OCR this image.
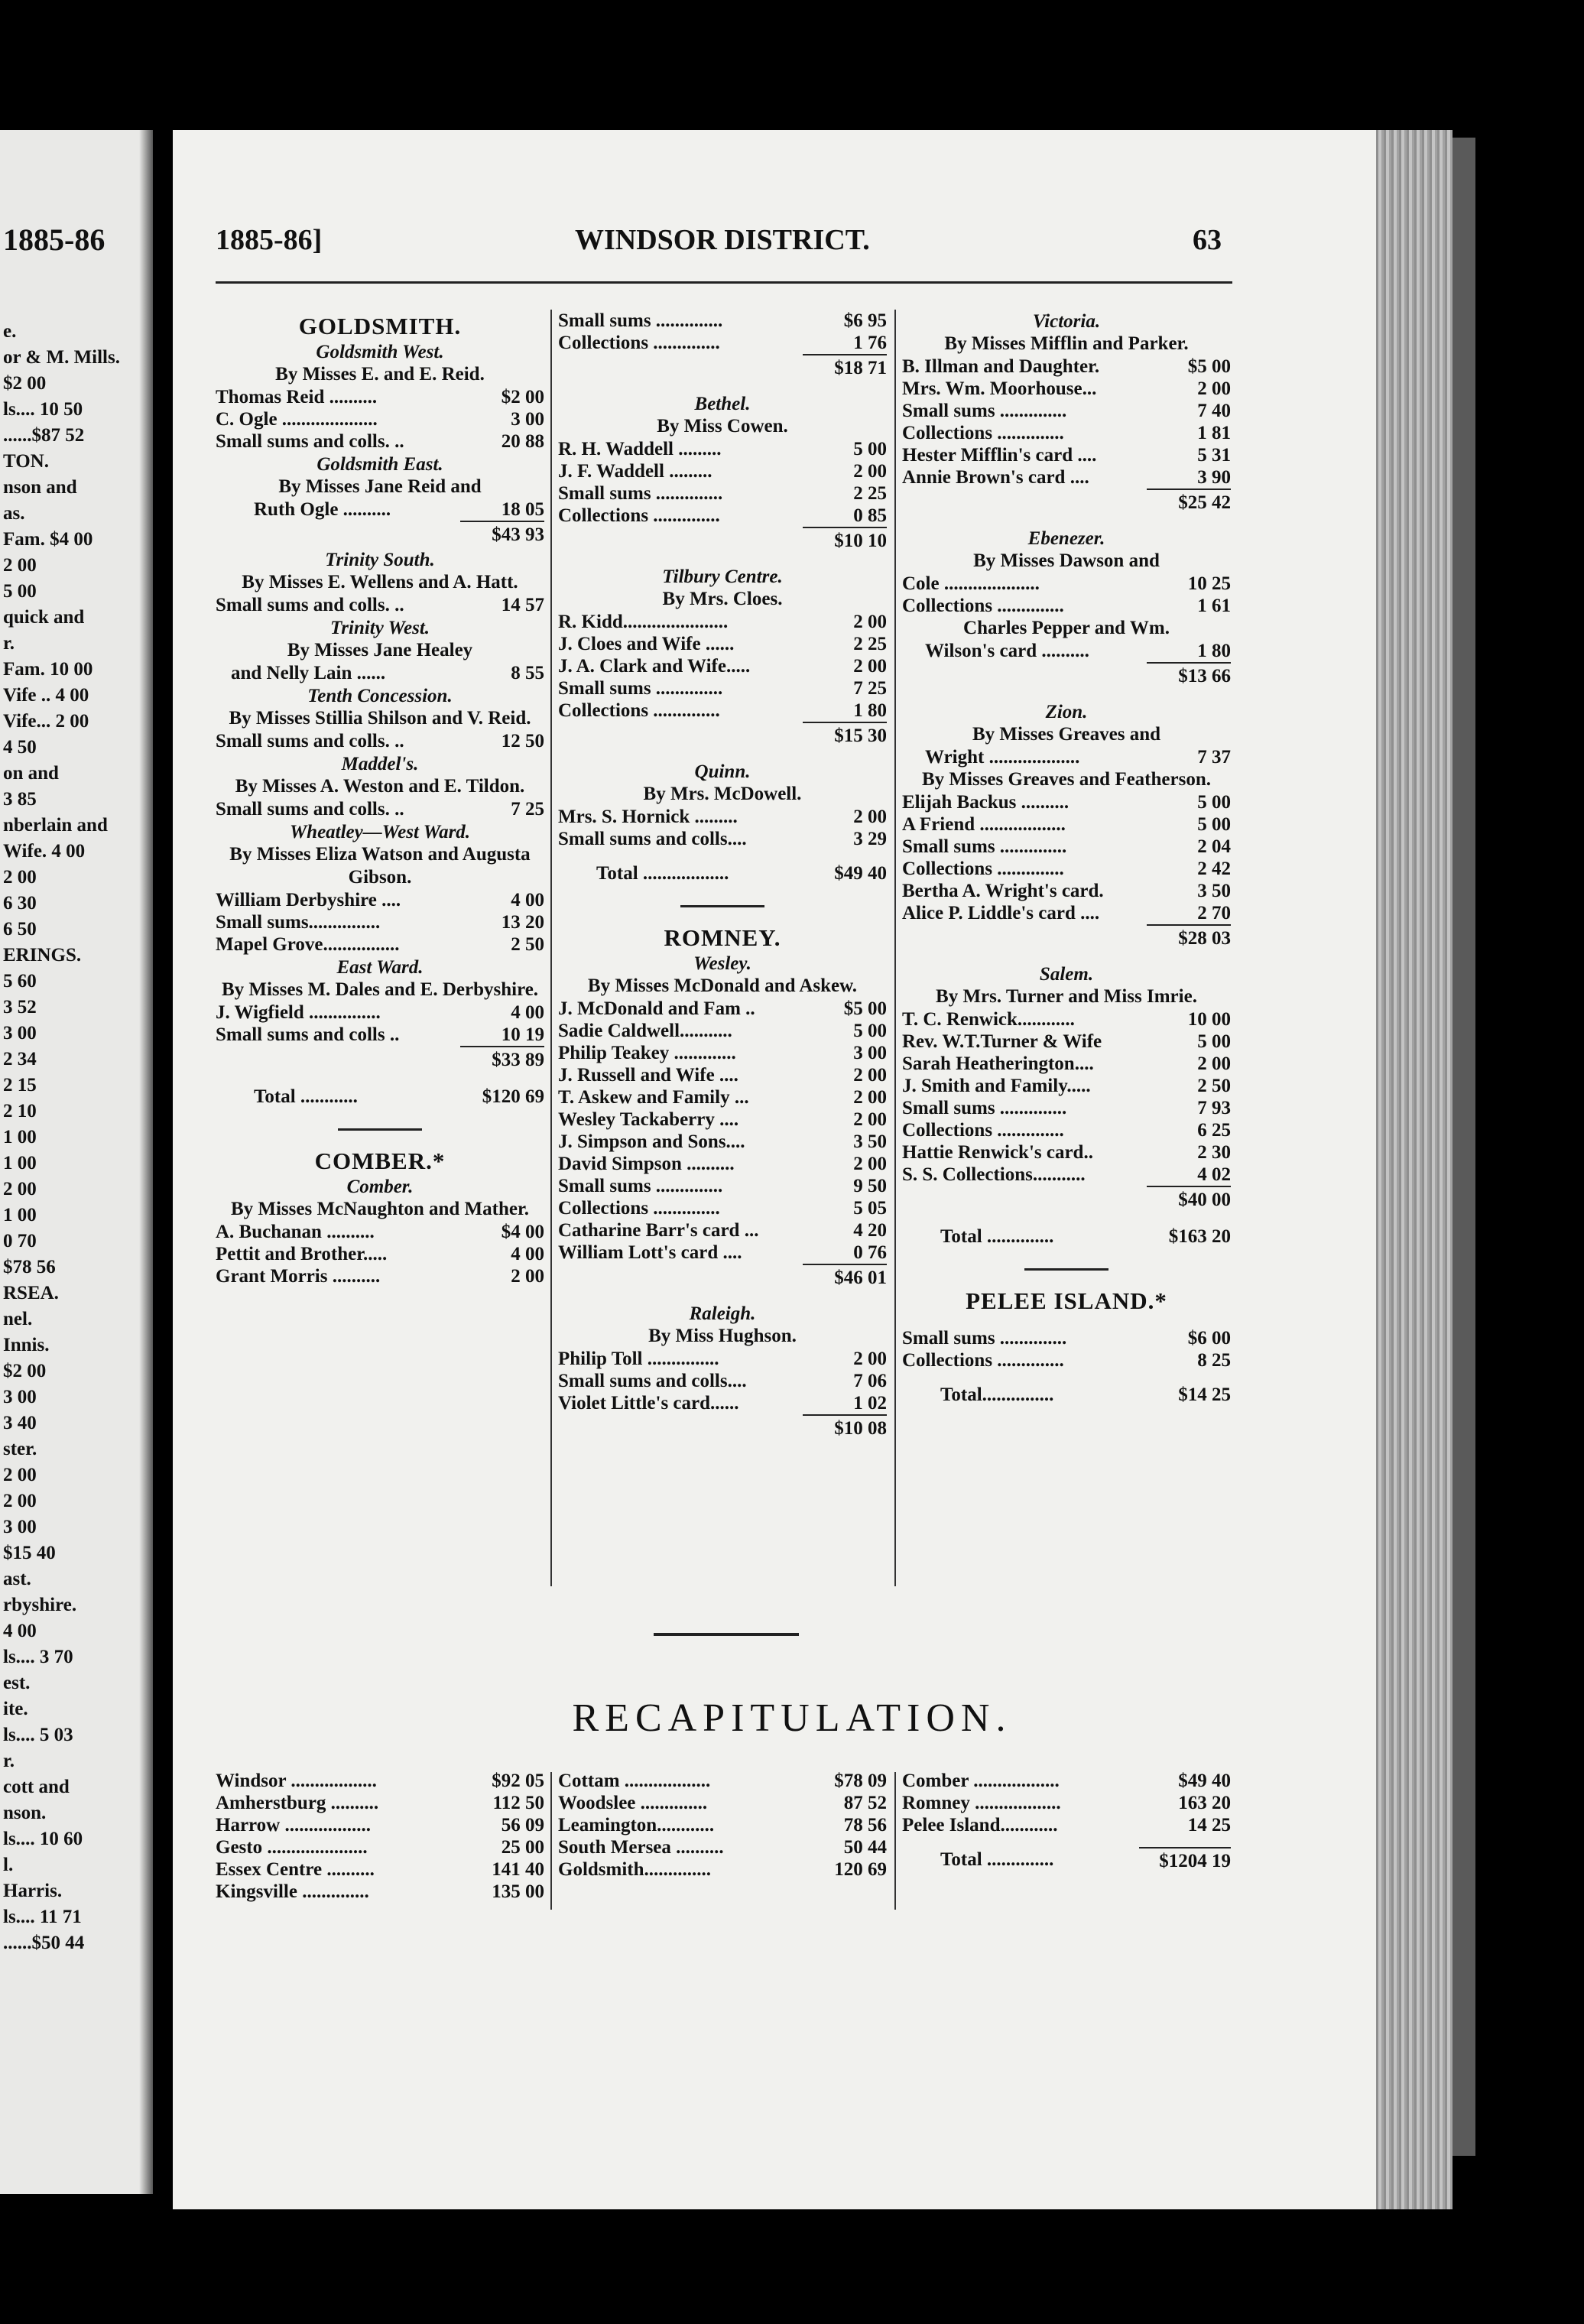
1885-86
e.
or & M. Mills.
$2 00
ls.... 10 50
......$87 52
TON.
nson and
as.
Fam. $4 00
2 00
5 00
quick and
r.
Fam. 10 00
Vife .. 4 00
Vife... 2 00
4 50
on and
3 85
nberlain and
Wife. 4 00
2 00
6 30
6 50
ERINGS.
5 60
3 52
3 00
2 34
2 15
2 10
1 00
1 00
2 00
1 00
0 70
$78 56
RSEA.
nel.
Innis.
$2 00
3 00
3 40
ster.
2 00
2 00
3 00
$15 40
ast.
rbyshire.
4 00
ls.... 3 70
est.
ite.
ls.... 5 03
r.
cott and
nson.
ls.... 10 60
l.
Harris.
ls.... 11 71
......$50 44
1885-86]	WINDSOR DISTRICT.	63
GOLDSMITH.
Goldsmith West.
By Misses E. and E. Reid.
Thomas Reid ..........	$2 00
C. Ogle ....................	3 00
Small sums and colls. ..	20 88
Goldsmith East.
By Misses Jane Reid and
Ruth Ogle ..........	18 05
$43 93
Trinity South.
By Misses E. Wellens and A. Hatt.
Small sums and colls. ..	14 57
Trinity West.
By Misses Jane Healey
and Nelly Lain ......	8 55
Tenth Concession.
By Misses Stillia Shilson and V. Reid.
Small sums and colls. ..	12 50
Maddel's.
By Misses A. Weston and E. Tildon.
Small sums and colls. ..	7 25
Wheatley—West Ward.
By Misses Eliza Watson and Augusta Gibson.
William Derbyshire ....	4 00
Small sums...............	13 20
Mapel Grove................	2 50
East Ward.
By Misses M. Dales and E. Derbyshire.
J. Wigfield ...............	4 00
Small sums and colls ..	10 19
$33 89
Total ............	$120 69
COMBER.*
Comber.
By Misses McNaughton and Mather.
A. Buchanan ..........	$4 00
Pettit and Brother.....	4 00
Grant Morris ..........	2 00
Small sums ..............	$6 95
Collections ..............	1 76
$18 71
Bethel.
By Miss Cowen.
R. H. Waddell .........	5 00
J. F. Waddell .........	2 00
Small sums ..............	2 25
Collections ..............	0 85
$10 10
Tilbury Centre.
By Mrs. Cloes.
R. Kidd......................	2 00
J. Cloes and Wife ......	2 25
J. A. Clark and Wife.....	2 00
Small sums ..............	7 25
Collections ..............	1 80
$15 30
Quinn.
By Mrs. McDowell.
Mrs. S. Hornick .........	2 00
Small sums and colls....	3 29
Total ..................	$49 40
ROMNEY.
Wesley.
By Misses McDonald and Askew.
J. McDonald and Fam ..	$5 00
Sadie Caldwell...........	5 00
Philip Teakey .............	3 00
J. Russell and Wife ....	2 00
T. Askew and Family ...	2 00
Wesley Tackaberry ....	2 00
J. Simpson and Sons....	3 50
David Simpson ..........	2 00
Small sums ..............	9 50
Collections ..............	5 05
Catharine Barr's card ...	4 20
William Lott's card ....	0 76
$46 01
Raleigh.
By Miss Hughson.
Philip Toll ...............	2 00
Small sums and colls....	7 06
Violet Little's card......	1 02
$10 08
Victoria.
By Misses Mifflin and Parker.
B. Illman and Daughter.	$5 00
Mrs. Wm. Moorhouse...	2 00
Small sums ..............	7 40
Collections ..............	1 81
Hester Mifflin's card ....	5 31
Annie Brown's card ....	3 90
$25 42
Ebenezer.
By Misses Dawson and
Cole ....................	10 25
Collections ..............	1 61
Charles Pepper and Wm.
Wilson's card ..........	1 80
$13 66
Zion.
By Misses Greaves and
Wright ...................	7 37
By Misses Greaves and Featherson.
Elijah Backus ..........	5 00
A Friend ..................	5 00
Small sums ..............	2 04
Collections ..............	2 42
Bertha A. Wright's card.	3 50
Alice P. Liddle's card ....	2 70
$28 03
Salem.
By Mrs. Turner and Miss Imrie.
T. C. Renwick............	10 00
Rev. W.T.Turner & Wife	5 00
Sarah Heatherington....	2 00
J. Smith and Family.....	2 50
Small sums ..............	7 93
Collections ..............	6 25
Hattie Renwick's card..	2 30
S. S. Collections...........	4 02
$40 00
Total ..............	$163 20
PELEE ISLAND.*
Small sums ..............	$6 00
Collections ..............	8 25
Total...............	$14 25
RECAPITULATION.
Windsor ..................	$92 05
Amherstburg ..........	112 50
Harrow ..................	56 09
Gesto .....................	25 00
Essex Centre ..........	141 40
Kingsville ..............	135 00
Cottam ..................	$78 09
Woodslee ..............	87 52
Leamington............	78 56
South Mersea ..........	50 44
Goldsmith..............	120 69
Comber ..................	$49 40
Romney ..................	163 20
Pelee Island............	14 25
Total ..............	$1204 19
